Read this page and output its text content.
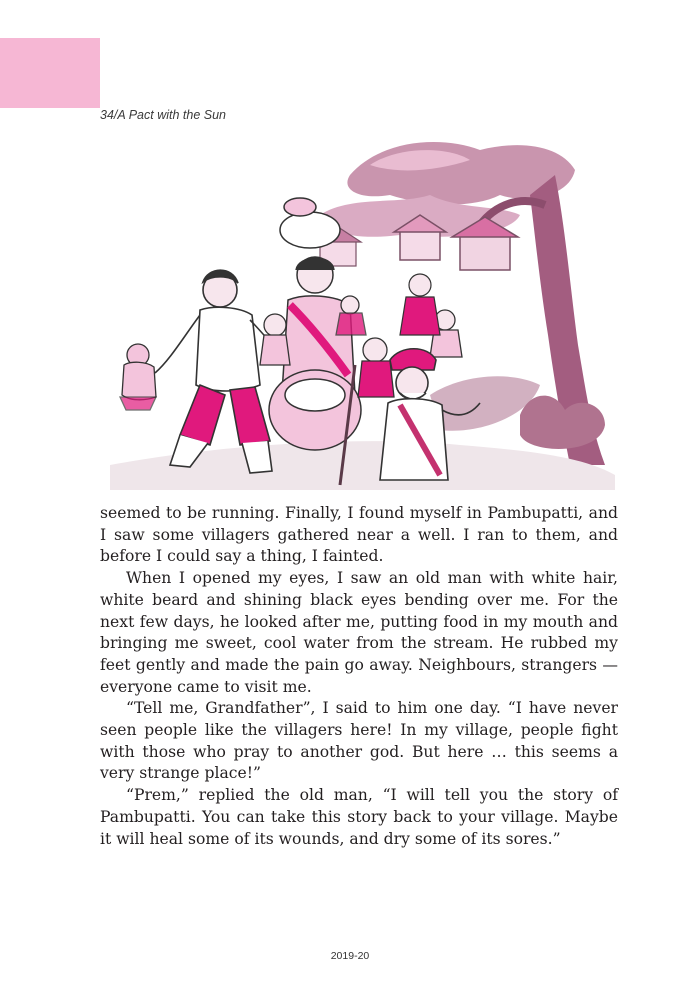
34/A Pact with the Sun

seemed to be running. Finally, I found myself in Pambupatti, and I saw some villagers gathered near a well. I ran to them, and before I could say a thing, I fainted.

When I opened my eyes, I saw an old man with white hair, white beard and shining black eyes bending over me. For the next few days, he looked after me, putting food in my mouth and bringing me sweet, cool water from the stream. He rubbed my feet gently and made the pain go away. Neighbours, strangers — everyone came to visit me.

“Tell me, Grandfather”, I said to him one day. “I have never seen people like the villagers here! In my village, people fight with those who pray to another god. But here … this seems a very strange place!”

“Prem,” replied the old man, “I will tell you the story of Pambupatti. You can take this story back to your village. Maybe it will heal some of its wounds, and dry some of its sores.”

2019-20
